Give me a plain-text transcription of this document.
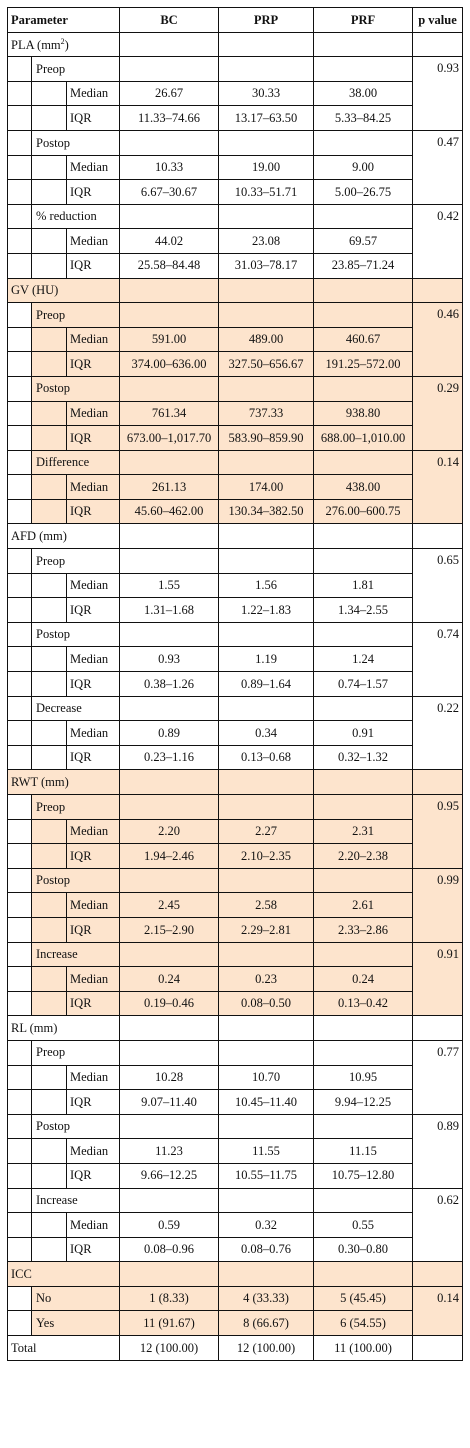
Parameter			BC	PRP	PRF	p value
PLA $(mm^2)$						
	Preop					0.93
		Median	26.67	30.33	38.00	
		IQR	11.33–74.66	13.17–63.50	5.33–84.25	
	Postop					0.47
		Median	10.33	19.00	9.00	
		IQR	6.67–30.67	10.33–51.71	5.00–26.75	
	% reduction					0.42
		Median	44.02	23.08	69.57	
		IQR	25.58–84.48	31.03–78.17	23.85–71.24	
GV (HU)						
	Preop					0.46
		Median	591.00	489.00	460.67	
		IQR	374.00–636.00	327.50–656.67	191.25–572.00	
	Postop					0.29
		Median	761.34	737.33	938.80	
		IQR	673.00–1,017.70	583.90–859.90	688.00–1,010.00	
	Difference					0.14
		Median	261.13	174.00	438.00	
		IQR	45.60–462.00	130.34–382.50	276.00–600.75	
AFD (mm)						
	Preop					0.65
		Median	1.55	1.56	1.81	
		IQR	1.31–1.68	1.22–1.83	1.34–2.55	
	Postop					0.74
		Median	0.93	1.19	1.24	
		IQR	0.38–1.26	0.89–1.64	0.74–1.57	
	Decrease					0.22
		Median	0.89	0.34	0.91	
		IQR	0.23–1.16	0.13–0.68	0.32–1.32	
RWT (mm)						
	Preop					0.95
		Median	2.20	2.27	2.31	
		IQR	1.94–2.46	2.10–2.35	2.20–2.38	
	Postop					0.99
		Median	2.45	2.58	2.61	
		IQR	2.15–2.90	2.29–2.81	2.33–2.86	
	Increase					0.91
		Median	0.24	0.23	0.24	
		IQR	0.19–0.46	0.08–0.50	0.13–0.42	
RL (mm)						
	Preop					0.77
		Median	10.28	10.70	10.95	
		IQR	9.07–11.40	10.45–11.40	9.94–12.25	
	Postop					0.89
		Median	11.23	11.55	11.15	
		IQR	9.66–12.25	10.55–11.75	10.75–12.80	
	Increase					0.62
		Median	0.59	0.32	0.55	
		IQR	0.08–0.96	0.08–0.76	0.30–0.80	
ICC						
	No		1 (8.33)	4 (33.33)	5 (45.45)	0.14
	Yes		11 (91.67)	8 (66.67)	6 (54.55)	
Total			12 (100.00)	12 (100.00)	11 (100.00)	
